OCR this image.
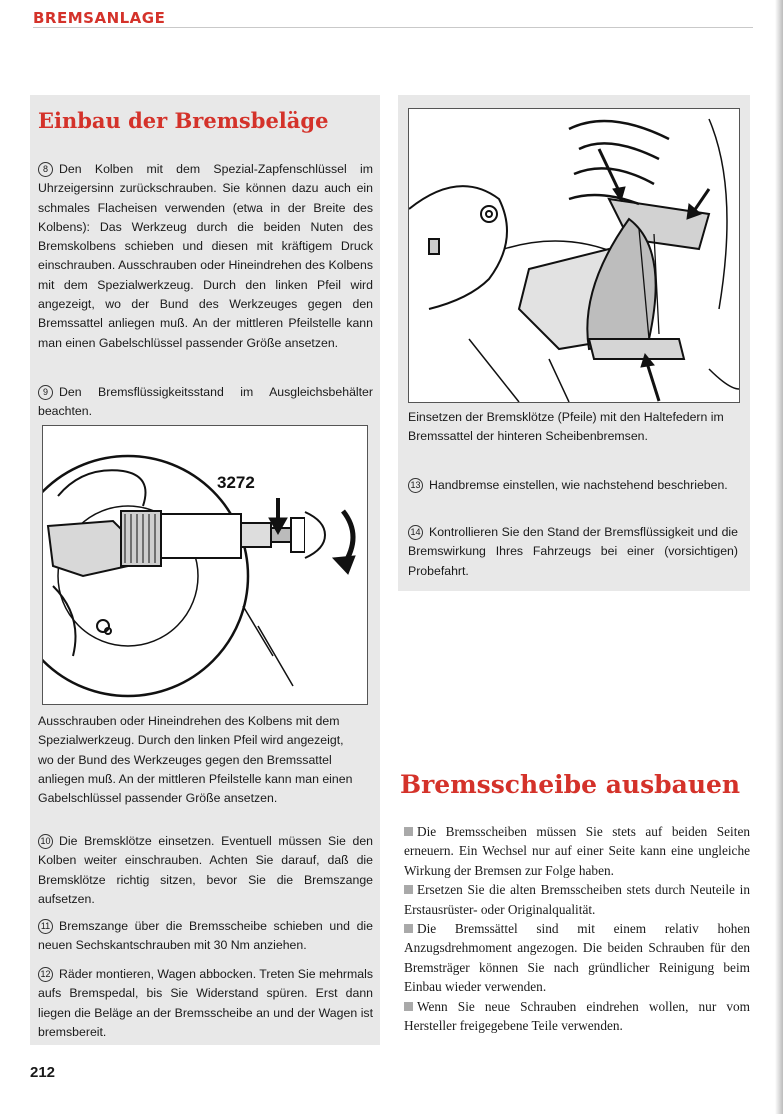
BREMSANLAGE
Einbau der Bremsbeläge

8 Den Kolben mit dem Spezial-Zapfenschlüssel im Uhrzeigersinn zurückschrauben. Sie können dazu auch ein schmales Flacheisen verwenden (etwa in der Breite des Kolbens): Das Werkzeug durch die beiden Nuten des Bremskolbens schieben und diesen mit kräftigem Druck einschrauben. Ausschrauben oder Hineindrehen des Kolbens mit dem Spezialwerkzeug. Durch den linken Pfeil wird angezeigt, wo der Bund des Werkzeuges gegen den Bremssattel anliegen muß. An der mittleren Pfeilstelle kann man einen Gabelschlüssel passender Größe ansetzen.

9 Den Bremsflüssigkeitsstand im Ausgleichsbehälter beachten.

3272

Ausschrauben oder Hineindrehen des Kolbens mit dem Spezialwerkzeug. Durch den linken Pfeil wird angezeigt, wo der Bund des Werkzeuges gegen den Bremssattel anliegen muß. An der mittleren Pfeilstelle kann man einen Gabelschlüssel passender Größe ansetzen.

10 Die Bremsklötze einsetzen. Eventuell müssen Sie den Kolben weiter einschrauben. Achten Sie darauf, daß die Bremsklötze richtig sitzen, bevor Sie die Bremszange aufsetzen.

11 Bremszange über die Bremsscheibe schieben und die neuen Sechskantschrauben mit 30 Nm anziehen.

12 Räder montieren, Wagen abbocken. Treten Sie mehrmals aufs Bremspedal, bis Sie Widerstand spüren. Erst dann liegen die Beläge an der Bremsscheibe an und der Wagen ist bremsbereit.

Einsetzen der Bremsklötze (Pfeile) mit den Haltefedern im Bremssattel der hinteren Scheibenbremsen.

13 Handbremse einstellen, wie nachstehend beschrieben.

14 Kontrollieren Sie den Stand der Bremsflüssigkeit und die Bremswirkung Ihres Fahrzeugs bei einer (vorsichtigen) Probefahrt.

Bremsscheibe ausbauen
Die Bremsscheiben müssen Sie stets auf beiden Seiten erneuern. Ein Wechsel nur auf einer Seite kann eine ungleiche Wirkung der Bremsen zur Folge haben.
Ersetzen Sie die alten Bremsscheiben stets durch Neuteile in Erstausrüster- oder Originalqualität.
Die Bremssättel sind mit einem relativ hohen Anzugsdrehmoment angezogen. Die beiden Schrauben für den Bremsträger können Sie nach gründlicher Reinigung beim Einbau wieder verwenden.
Wenn Sie neue Schrauben eindrehen wollen, nur vom Hersteller freigegebene Teile verwenden.
212
